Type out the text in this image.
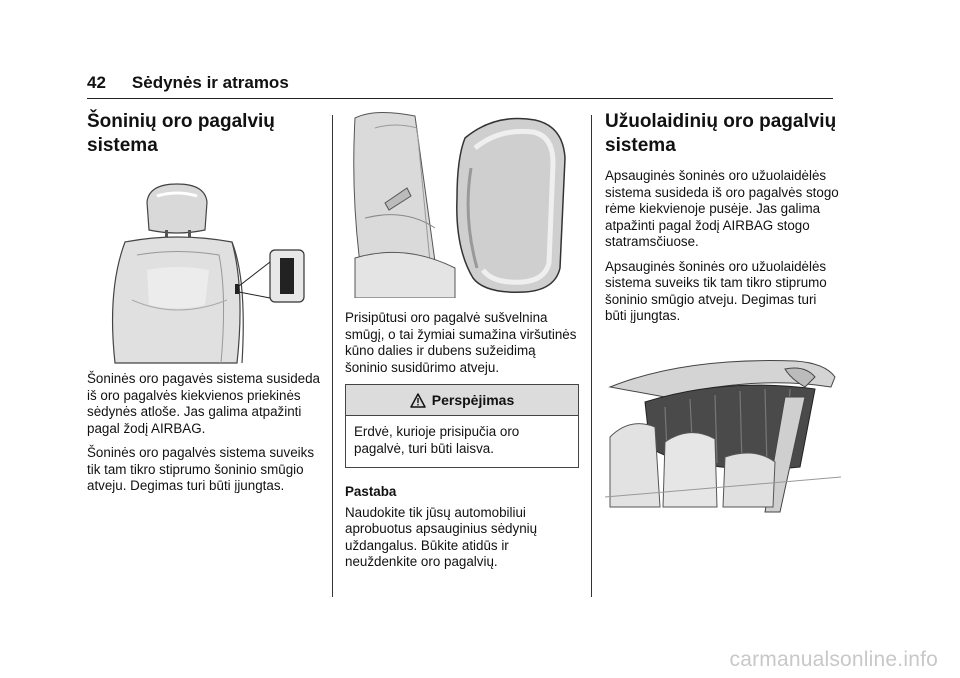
42 Sėdynės ir atramos
Šoninių oro pagalvių
sistema
AIRBAG

Šoninės oro pagavės sistema susideda iš oro pagalvės kiekvienos priekinės sėdynės atloše. Jas galima atpažinti pagal žodį AIRBAG.

Šoninės oro pagalvės sistema suveiks tik tam tikro stiprumo šoninio smūgio atveju. Degimas turi būti įjungtas.

Prisipūtusi oro pagalvė sušvelnina smūgį, o tai žymiai sumažina viršutinės kūno dalies ir dubens sužeidimą šoninio susidūrimo atveju.

Perspėjimas

Erdvė, kurioje prisipučia oro pagalvė, turi būti laisva.

Pastaba

Naudokite tik jūsų automobiliui aprobuotus apsauginius sėdynių uždangalus. Būkite atidūs ir neuždenkite oro pagalvių.

Užuolaidinių oro pagalvių
sistema

Apsauginės šoninės oro užuolaidėlės sistema susideda iš oro pagalvės stogo rėme kiekvienoje pusėje. Jas galima atpažinti pagal žodį AIRBAG stogo statramsčiuose.

Apsauginės šoninės oro užuolaidėlės sistema suveiks tik tam tikro stiprumo šoninio smūgio atveju. Degimas turi būti įjungtas.

carmanualsonline.info
